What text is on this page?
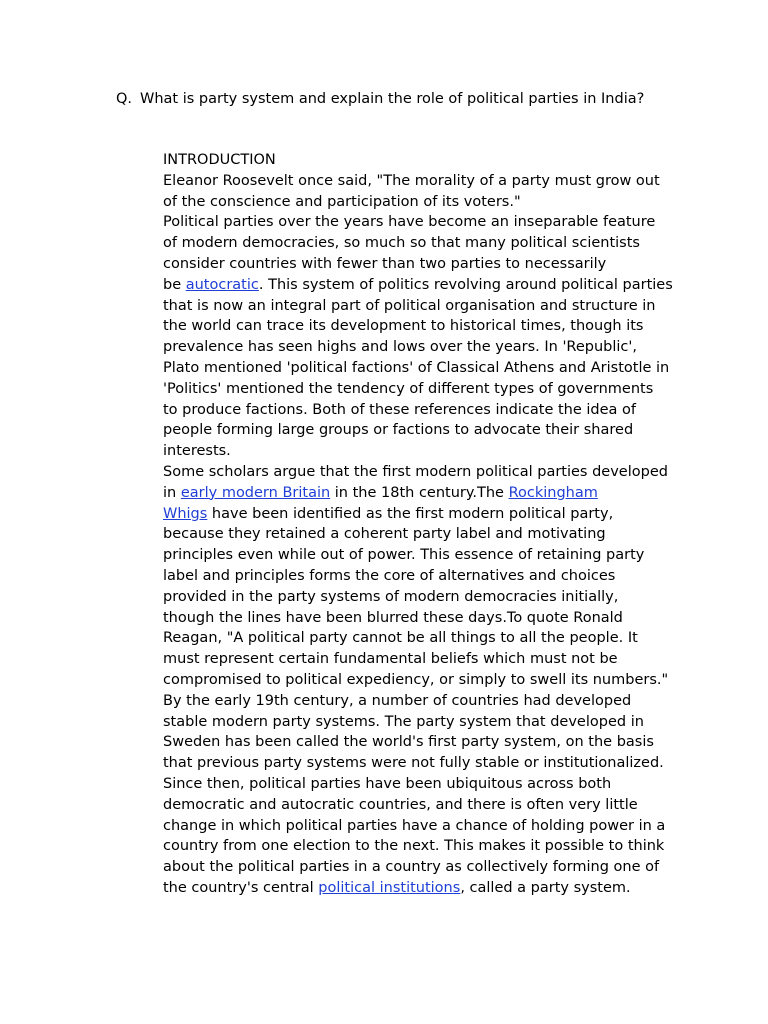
Q. What is party system and explain the role of political parties in India?
INTRODUCTION
Eleanor Roosevelt once said, "The morality of a party must grow out
of the conscience and participation of its voters."
Political parties over the years have become an inseparable feature
of modern democracies, so much so that many political scientists
consider countries with fewer than two parties to necessarily
be autocratic. This system of politics revolving around political parties
that is now an integral part of political organisation and structure in
the world can trace its development to historical times, though its
prevalence has seen highs and lows over the years. In 'Republic',
Plato mentioned 'political factions' of Classical Athens and Aristotle in
'Politics' mentioned the tendency of different types of governments
to produce factions. Both of these references indicate the idea of
people forming large groups or factions to advocate their shared
interests.
Some scholars argue that the first modern political parties developed
in early modern Britain in the 18th century.The Rockingham
Whigs have been identified as the first modern political party,
because they retained a coherent party label and motivating
principles even while out of power. This essence of retaining party
label and principles forms the core of alternatives and choices
provided in the party systems of modern democracies initially,
though the lines have been blurred these days.To quote Ronald
Reagan, "A political party cannot be all things to all the people. It
must represent certain fundamental beliefs which must not be
compromised to political expediency, or simply to swell its numbers."
By the early 19th century, a number of countries had developed
stable modern party systems. The party system that developed in
Sweden has been called the world's first party system, on the basis
that previous party systems were not fully stable or institutionalized.
Since then, political parties have been ubiquitous across both
democratic and autocratic countries, and there is often very little
change in which political parties have a chance of holding power in a
country from one election to the next. This makes it possible to think
about the political parties in a country as collectively forming one of
the country's central political institutions, called a party system.
